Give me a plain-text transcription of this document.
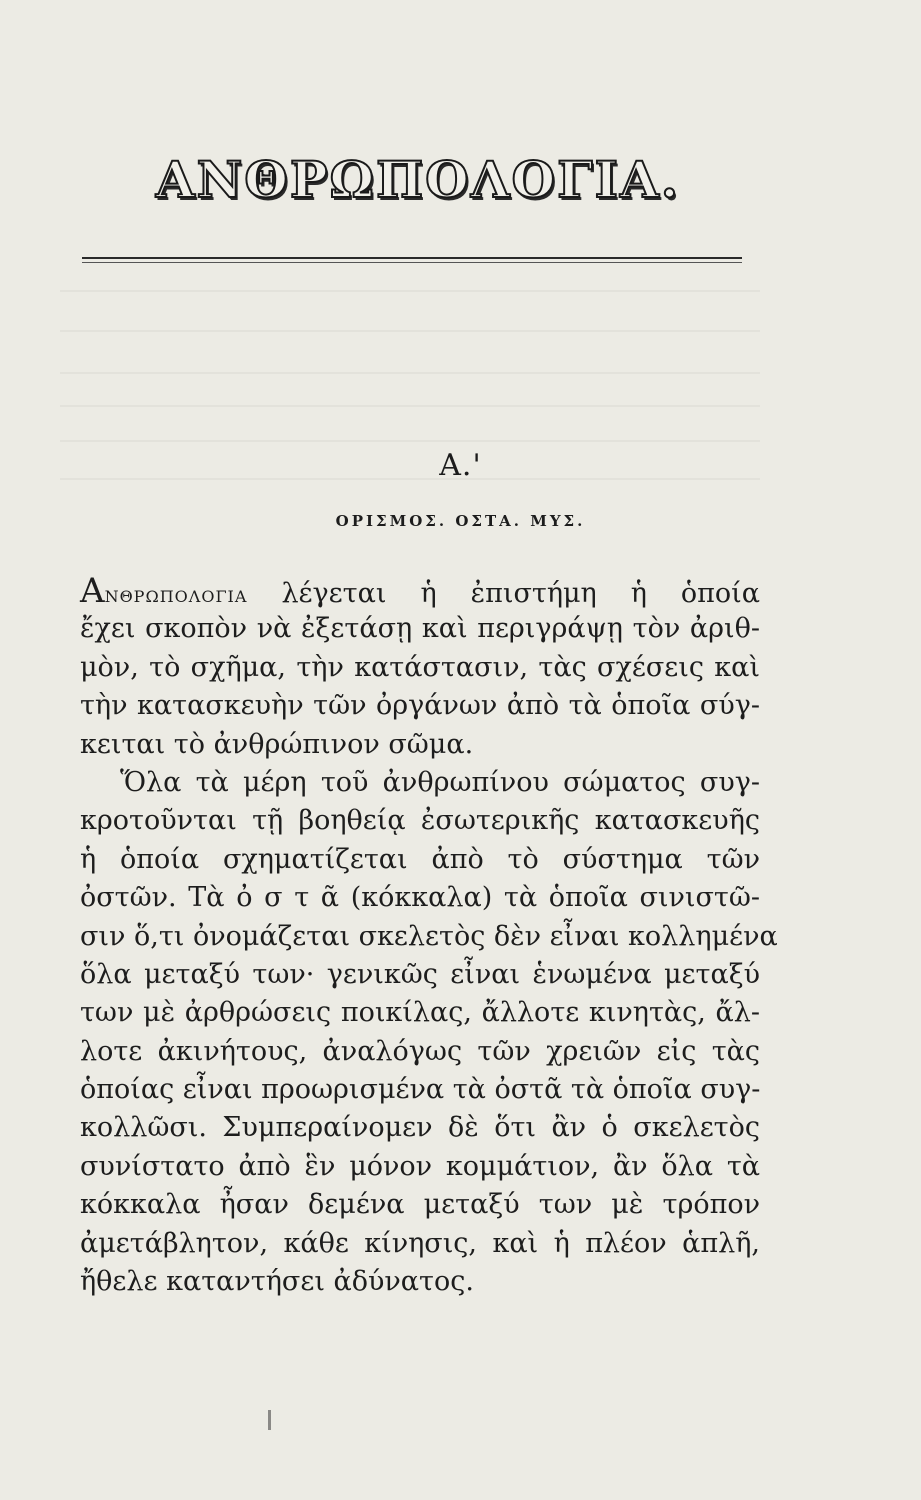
ΑΝΘΡΩΠΟΛΟΓΙΑ.
Α.'
ΟΡΙΣΜΟΣ. ΟΣΤΑ. ΜΥΣ.
ΑΝΘΡΩΠΟΛΟΓΙΑ λέγεται ἡ ἐπιστήμη ἡ ὁποία
ἔχει σκοπὸν νὰ ἐξετάσῃ καὶ περιγράψῃ τὸν ἀριθ-
μὸν, τὸ σχῆμα, τὴν κατάστασιν, τὰς σχέσεις καὶ
τὴν κατασκευὴν τῶν ὀργάνων ἀπὸ τὰ ὁποῖα σύγ-
κειται τὸ ἀνθρώπινον σῶμα.
Ὅλα τὰ μέρη τοῦ ἀνθρωπίνου σώματος συγ-
κροτοῦνται τῇ βοηθείᾳ ἐσωτερικῆς κατασκευῆς
ἡ ὁποία σχηματίζεται ἀπὸ τὸ σύστημα τῶν
ὀστῶν. Τὰ ὀ σ τ ᾶ (κόκκαλα) τὰ ὁποῖα σινιστῶ-
σιν ὅ,τι ὀνομάζεται σκελετὸς δὲν εἶναι κολλημένα
ὅλα μεταξύ των· γενικῶς εἶναι ἑνωμένα μεταξύ
των μὲ ἀρθρώσεις ποικίλας, ἄλλοτε κινητὰς, ἄλ-
λοτε ἀκινήτους, ἀναλόγως τῶν χρειῶν εἰς τὰς
ὁποίας εἶναι προωρισμένα τὰ ὀστᾶ τὰ ὁποῖα συγ-
κολλῶσι. Συμπεραίνομεν δὲ ὅτι ἂν ὁ σκελετὸς
συνίστατο ἀπὸ ἓν μόνον κομμάτιον, ἂν ὅλα τὰ
κόκκαλα ἦσαν δεμένα μεταξύ των μὲ τρόπον
ἀμετάβλητον, κάθε κίνησις, καὶ ἡ πλέον ἁπλῆ,
ἤθελε καταντήσει ἀδύνατος.
